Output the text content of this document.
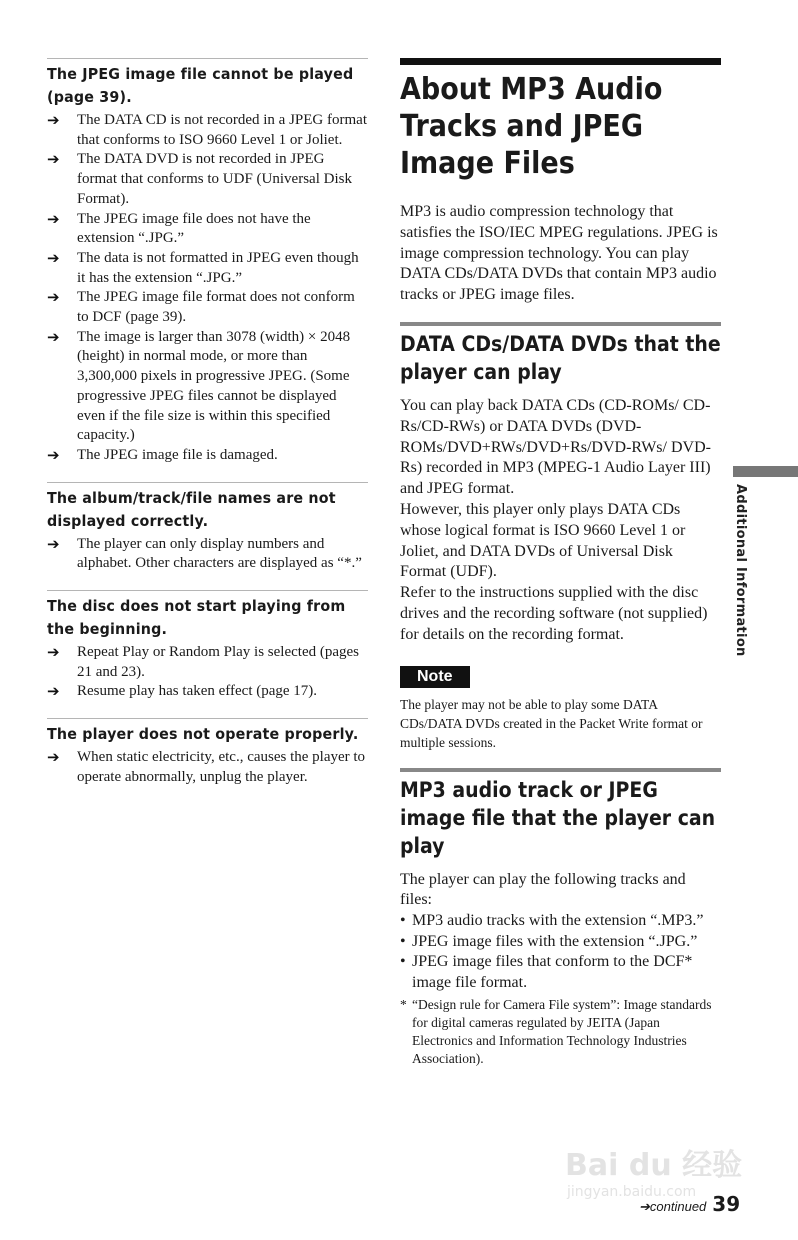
The JPEG image file cannot be played (page 39).
➔ The DATA CD is not recorded in a JPEG format that conforms to ISO 9660 Level 1 or Joliet.
➔ The DATA DVD is not recorded in JPEG format that conforms to UDF (Universal Disk Format).
➔ The JPEG image file does not have the extension “.JPG.”
➔ The data is not formatted in JPEG even though it has the extension “.JPG.”
➔ The JPEG image file format does not conform to DCF (page 39).
➔ The image is larger than 3078 (width) × 2048 (height) in normal mode, or more than 3,300,000 pixels in progressive JPEG. (Some progressive JPEG files cannot be displayed even if the file size is within this specified capacity.)
➔ The JPEG image file is damaged.
The album/track/file names are not displayed correctly.
➔ The player can only display numbers and alphabet. Other characters are displayed as “*.”
The disc does not start playing from the beginning.
➔ Repeat Play or Random Play is selected (pages 21 and 23).
➔ Resume play has taken effect (page 17).
The player does not operate properly.
➔ When static electricity, etc., causes the player to operate abnormally, unplug the player.
About MP3 Audio Tracks and JPEG Image Files

MP3 is audio compression technology that satisfies the ISO/IEC MPEG regulations. JPEG is image compression technology. You can play DATA CDs/DATA DVDs that contain MP3 audio tracks or JPEG image files.

DATA CDs/DATA DVDs that the player can play

You can play back DATA CDs (CD-ROMs/ CD-Rs/CD-RWs) or DATA DVDs (DVD-ROMs/DVD+RWs/DVD+Rs/DVD-RWs/ DVD-Rs) recorded in MP3 (MPEG-1 Audio Layer III) and JPEG format.

However, this player only plays DATA CDs whose logical format is ISO 9660 Level 1 or Joliet, and DATA DVDs of Universal Disk Format (UDF).

Refer to the instructions supplied with the disc drives and the recording software (not supplied) for details on the recording format.

Note

The player may not be able to play some DATA CDs/DATA DVDs created in the Packet Write format or multiple sessions.

MP3 audio track or JPEG image file that the player can play

The player can play the following tracks and files:

• MP3 audio tracks with the extension “.MP3.”
• JPEG image files with the extension “.JPG.”
• JPEG image files that conform to the DCF* image file format.
* “Design rule for Camera File system”: Image standards for digital cameras regulated by JEITA (Japan Electronics and Information Technology Industries Association).
Additional Information
Bai du 经验
jingyan.baidu.com
➔continued 39
